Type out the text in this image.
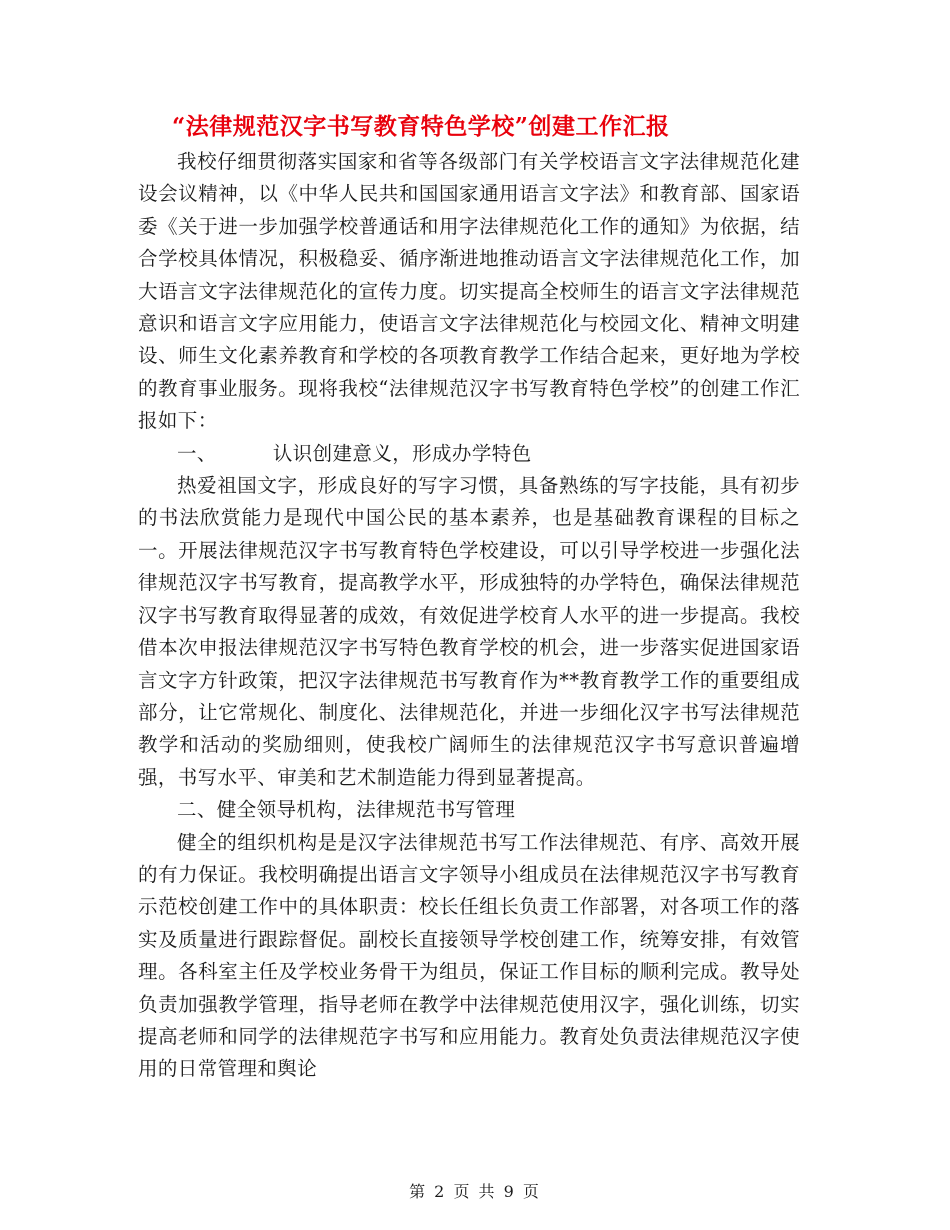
“法律规范汉字书写教育特色学校”创建工作汇报

我校仔细贯彻落实国家和省等各级部门有关学校语言文字法律规范化建设会议精神，以《中华人民共和国国家通用语言文字法》和教育部、国家语委《关于进一步加强学校普通话和用字法律规范化工作的通知》为依据，结合学校具体情况，积极稳妥、循序渐进地推动语言文字法律规范化工作，加大语言文字法律规范化的宣传力度。切实提高全校师生的语言文字法律规范意识和语言文字应用能力，使语言文字法律规范化与校园文化、精神文明建设、师生文化素养教育和学校的各项教育教学工作结合起来，更好地为学校的教育事业服务。现将我校“法律规范汉字书写教育特色学校”的创建工作汇报如下：

一、	认识创建意义，形成办学特色

热爱祖国文字，形成良好的写字习惯，具备熟练的写字技能，具有初步的书法欣赏能力是现代中国公民的基本素养，也是基础教育课程的目标之一。开展法律规范汉字书写教育特色学校建设，可以引导学校进一步强化法律规范汉字书写教育，提高教学水平，形成独特的办学特色，确保法律规范汉字书写教育取得显著的成效，有效促进学校育人水平的进一步提高。我校借本次申报法律规范汉字书写特色教育学校的机会，进一步落实促进国家语言文字方针政策，把汉字法律规范书写教育作为**教育教学工作的重要组成部分，让它常规化、制度化、法律规范化，并进一步细化汉字书写法律规范教学和活动的奖励细则，使我校广阔师生的法律规范汉字书写意识普遍增强，书写水平、审美和艺术制造能力得到显著提高。

二、健全领导机构，法律规范书写管理

健全的组织机构是是汉字法律规范书写工作法律规范、有序、高效开展的有力保证。我校明确提出语言文字领导小组成员在法律规范汉字书写教育示范校创建工作中的具体职责：校长任组长负责工作部署，对各项工作的落实及质量进行跟踪督促。副校长直接领导学校创建工作，统筹安排，有效管理。各科室主任及学校业务骨干为组员，保证工作目标的顺利完成。教导处负责加强教学管理，指导老师在教学中法律规范使用汉字，强化训练，切实提高老师和同学的法律规范字书写和应用能力。教育处负责法律规范汉字使用的日常管理和舆论

第 2 页 共 9 页
